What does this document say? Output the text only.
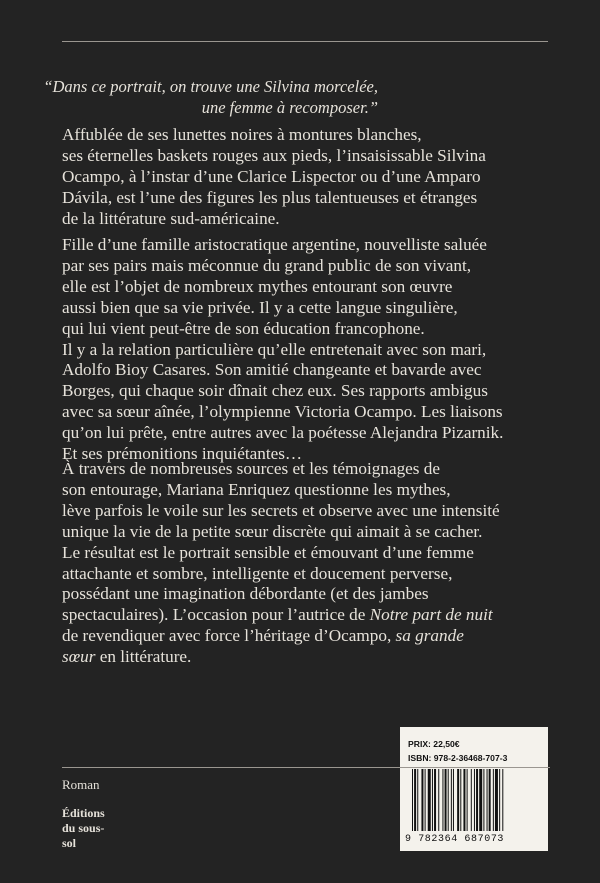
“Dans ce portrait, on trouve une Silvina morcelée,
une femme à recomposer.”
Affublée de ses lunettes noires à montures blanches,
ses éternelles baskets rouges aux pieds, l’insaisissable Silvina
Ocampo, à l’instar d’une Clarice Lispector ou d’une Amparo
Dávila, est l’une des figures les plus talentueuses et étranges
de la littérature sud-américaine.
Fille d’une famille aristocratique argentine, nouvelliste saluée
par ses pairs mais méconnue du grand public de son vivant,
elle est l’objet de nombreux mythes entourant son œuvre
aussi bien que sa vie privée. Il y a cette langue singulière,
qui lui vient peut-être de son éducation francophone.
Il y a la relation particulière qu’elle entretenait avec son mari,
Adolfo Bioy Casares. Son amitié changeante et bavarde avec
Borges, qui chaque soir dînait chez eux. Ses rapports ambigus
avec sa sœur aînée, l’olympienne Victoria Ocampo. Les liaisons
qu’on lui prête, entre autres avec la poétesse Alejandra Pizarnik.
Et ses prémonitions inquiétantes…
À travers de nombreuses sources et les témoignages de
son entourage, Mariana Enriquez questionne les mythes,
lève parfois le voile sur les secrets et observe avec une intensité
unique la vie de la petite sœur discrète qui aimait à se cacher.
Le résultat est le portrait sensible et émouvant d’une femme
attachante et sombre, intelligente et doucement perverse,
possédant une imagination débordante (et des jambes
spectaculaires). L’occasion pour l’autrice de Notre part de nuit
de revendiquer avec force l’héritage d’Ocampo, sa grande
sœur en littérature.
PRIX: 22,50€
ISBN: 978-2-36468-707-3
9 782364 687073
Roman
Éditions
du sous-
sol
